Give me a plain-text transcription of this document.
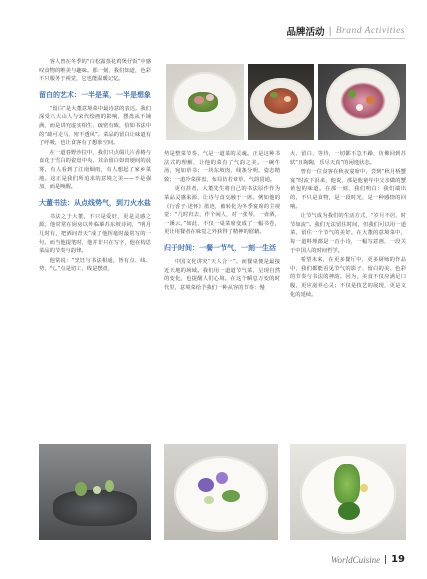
品牌活动 | Brand Activities

客人曾在冬季的“白松露蒸花鸡煲仔饭”中感叹食物的唯美与趣味。那一刻，我们知道，色彩不只服务于视觉，它也能温暖记忆。

留白的艺术：一半是菜，一半是想象

“留白”是大董意境菜中最诗意的表达。我们深受八大山人与宋代绘画的影响，摆盘从不铺满，而是讲究虚实相生、疏密有致，恰如书法中的“疏可走马，密不透风”。菜品的留白让味道有了呼吸，也让食客有了想象空间。

在一道春野沙拉中，我们只点缀几片香椿与食花于雪白的瓷盘中央，其余留白如田埂间的晨雾，有人看到了江南烟雨，有人想起了家乡菜地。这正是我们所追求的意境之美——不是强加，而是唤醒。

大董书法：从点线势气，到刀火水盐

书法之于大董，不只是爱好，更是灵感之源。他常常在厨房以外临摹苏东坡诗词，“明月几时有，把酒问青天”成了他挥毫时最常写的一句，而当他提笔时，他并非只在写字，他在构思菜品的节奏与韵律。

他常说：“烹饪与书法相通，皆有点、线、势、气。”点是切工，线是摆盘，

势是整菜节奏，气是一道菜的灵魂。正是这种书法式的理解，让他的菜有了气韵之美。一碗牛汤，宛如草书；一块东坡肉，线条分明，姿态精致；一道冷菜拼盘，布局仿若章草，气韵贯通。

更有甚者，大董先生将自己的书法原作作为菜品灵感来源，让诗与食交融于一席。例如他的《行香子·述怀》墨迹，被转化为冬季宴席的主视觉：“几时归去，作个闲人，对一张琴，一壶酒，一溪云。”如此，不仅一桌菜席变成了一幅书卷，更让用餐者在味觉之外获得了精神的慰藉。

归于时间：一餐一节气，一刻一生活

中国文化讲究“天人合一”。而餐桌便是最接近天地的场域。我们用一道道节气菜，呈现自然的变化，也提醒人们心境。在这个瞬息万变的时代里，意境菜给予我们一种从容的节奏：慢

火、留白、等待，一切都不急不躁，仿佛回到苏轼“且陶陶，乐尽天真”的闲逸状态。

曾有一位食客在秋夜宴席中，尝到“秋月桥蟹宴”时流下泪来，他说，那是他童年中父亲做的蟹黄包的味道。在那一刻，我们明白：我们端出的，不只是食物，是一段时光，是一种感情的回响。

让节气成为我们的生活方式，“岁月不居，时节如流”。我们无法留住时间，但我们可以用一道菜，留住一个节气的美好。在大董的意境菜中，每一道料理都是一首小诗，一幅写意画，一段关于中国人的时间哲学。

希望未来，在更多餐厅中，更多厨师的作品中，我们都能看见节气的影子、留白的美、色彩的节奏与书法的神韵。因为，美食不仅应满足口腹，更应滋养心灵；不仅是技艺的展现，更是文化的延续。

WorldCuisine 19
